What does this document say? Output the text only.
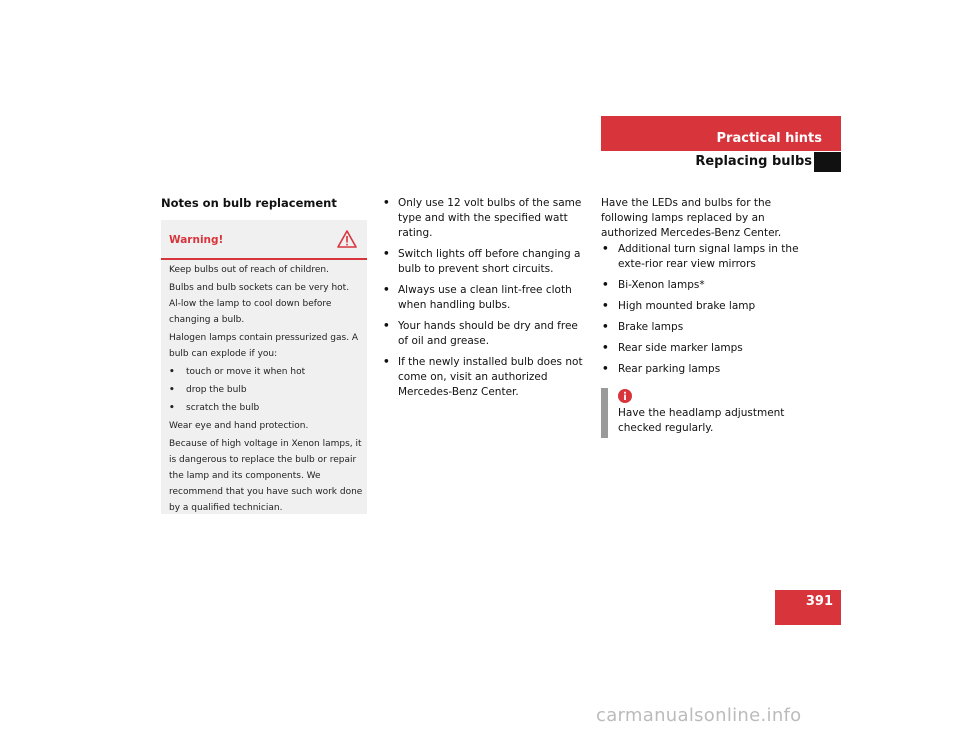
Practical hints
Replacing bulbs
Notes on bulb replacement
Warning!

Keep bulbs out of reach of children.

Bulbs and bulb sockets can be very hot. Al-low the lamp to cool down before changing a bulb.

Halogen lamps contain pressurized gas. A bulb can explode if you:

• touch or move it when hot
• drop the bulb
• scratch the bulb

Wear eye and hand protection.

Because of high voltage in Xenon lamps, it is dangerous to replace the bulb or repair the lamp and its components. We recommend that you have such work done by a qualified technician.

• Only use 12 volt bulbs of the same type and with the specified watt rating.
• Switch lights off before changing a bulb to prevent short circuits.
• Always use a clean lint-free cloth when handling bulbs.
• Your hands should be dry and free of oil and grease.
• If the newly installed bulb does not come on, visit an authorized Mercedes-Benz Center.

Have the LEDs and bulbs for the following lamps replaced by an authorized Mercedes-Benz Center.

• Additional turn signal lamps in the exte-rior rear view mirrors
• Bi-Xenon lamps*
• High mounted brake lamp
• Brake lamps
• Rear side marker lamps
• Rear parking lamps
Have the headlamp adjustment checked regularly.
391
carmanualsonline.info
